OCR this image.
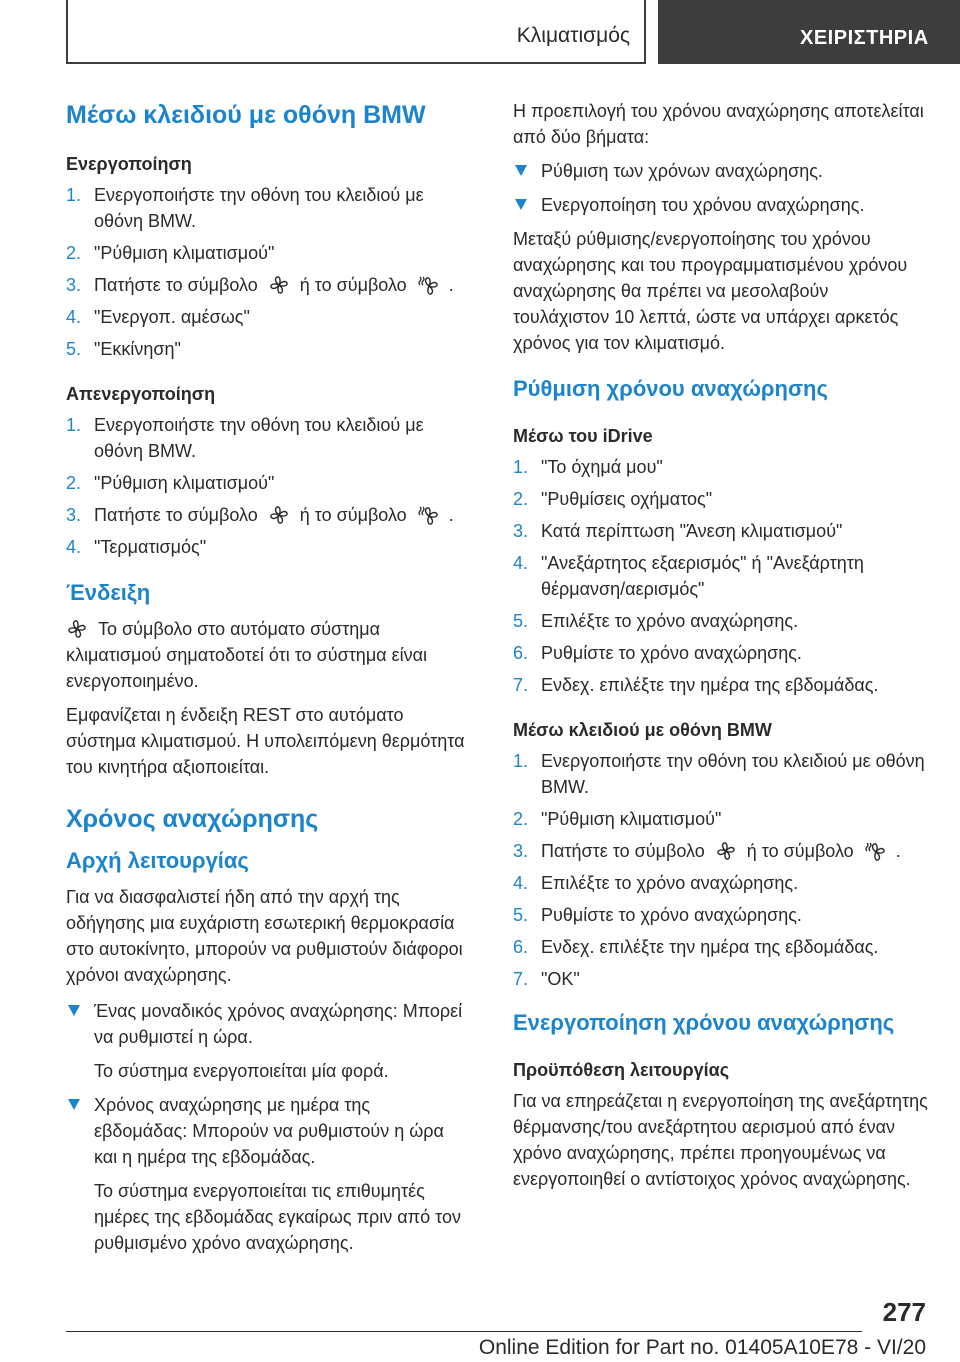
Κλιματισμός	ΧΕΙΡΙΣΤΗΡΙΑ
Μέσω κλειδιού με οθόνη BMW
Ενεργοποίηση
1. Ενεργοποιήστε την οθόνη του κλειδιού με οθόνη BMW.
2. "Ρύθμιση κλιματισμού"
3. Πατήστε το σύμβολο ή το σύμβολο .
4. "Ενεργοπ. αμέσως"
5. "Εκκίνηση"
Απενεργοποίηση
1. Ενεργοποιήστε την οθόνη του κλειδιού με οθόνη BMW.
2. "Ρύθμιση κλιματισμού"
3. Πατήστε το σύμβολο ή το σύμβολο .
4. "Τερματισμός"
Ένδειξη
Το σύμβολο στο αυτόματο σύστημα κλιματισμού σηματοδοτεί ότι το σύστημα είναι ενεργοποιημένο.
Εμφανίζεται η ένδειξη REST στο αυτόματο σύστημα κλιματισμού. Η υπολειπόμενη θερμότητα του κινητήρα αξιοποιείται.
Χρόνος αναχώρησης
Αρχή λειτουργίας
Για να διασφαλιστεί ήδη από την αρχή της οδήγησης μια ευχάριστη εσωτερική θερμοκρασία στο αυτοκίνητο, μπορούν να ρυθμιστούν διάφοροι χρόνοι αναχώρησης.
Ένας μοναδικός χρόνος αναχώρησης: Μπορεί να ρυθμιστεί η ώρα.
Το σύστημα ενεργοποιείται μία φορά.
Χρόνος αναχώρησης με ημέρα της εβδομάδας: Μπορούν να ρυθμιστούν η ώρα και η ημέρα της εβδομάδας.
Το σύστημα ενεργοποιείται τις επιθυμητές ημέρες της εβδομάδας εγκαίρως πριν από τον ρυθμισμένο χρόνο αναχώρησης.
Η προεπιλογή του χρόνου αναχώρησης αποτελείται από δύο βήματα:
Ρύθμιση των χρόνων αναχώρησης.
Ενεργοποίηση του χρόνου αναχώρησης.
Μεταξύ ρύθμισης/ενεργοποίησης του χρόνου αναχώρησης και του προγραμματισμένου χρόνου αναχώρησης θα πρέπει να μεσολαβούν τουλάχιστον 10 λεπτά, ώστε να υπάρχει αρκετός χρόνος για τον κλιματισμό.
Ρύθμιση χρόνου αναχώρησης
Μέσω του iDrive
1. "Το όχημά μου"
2. "Ρυθμίσεις οχήματος"
3. Κατά περίπτωση "Άνεση κλιματισμού"
4. "Ανεξάρτητος εξαερισμός" ή "Ανεξάρτητη θέρμανση/αερισμός"
5. Επιλέξτε το χρόνο αναχώρησης.
6. Ρυθμίστε το χρόνο αναχώρησης.
7. Ενδεχ. επιλέξτε την ημέρα της εβδομάδας.
Μέσω κλειδιού με οθόνη BMW
1. Ενεργοποιήστε την οθόνη του κλειδιού με οθόνη BMW.
2. "Ρύθμιση κλιματισμού"
3. Πατήστε το σύμβολο ή το σύμβολο .
4. Επιλέξτε το χρόνο αναχώρησης.
5. Ρυθμίστε το χρόνο αναχώρησης.
6. Ενδεχ. επιλέξτε την ημέρα της εβδομάδας.
7. "OK"
Ενεργοποίηση χρόνου αναχώρησης
Προϋπόθεση λειτουργίας
Για να επηρεάζεται η ενεργοποίηση της ανεξάρτητης θέρμανσης/του ανεξάρτητου αερισμού από έναν χρόνο αναχώρησης, πρέπει προηγουμένως να ενεργοποιηθεί ο αντίστοιχος χρόνος αναχώρησης.
277
Online Edition for Part no. 01405A10E78 - VI/20
